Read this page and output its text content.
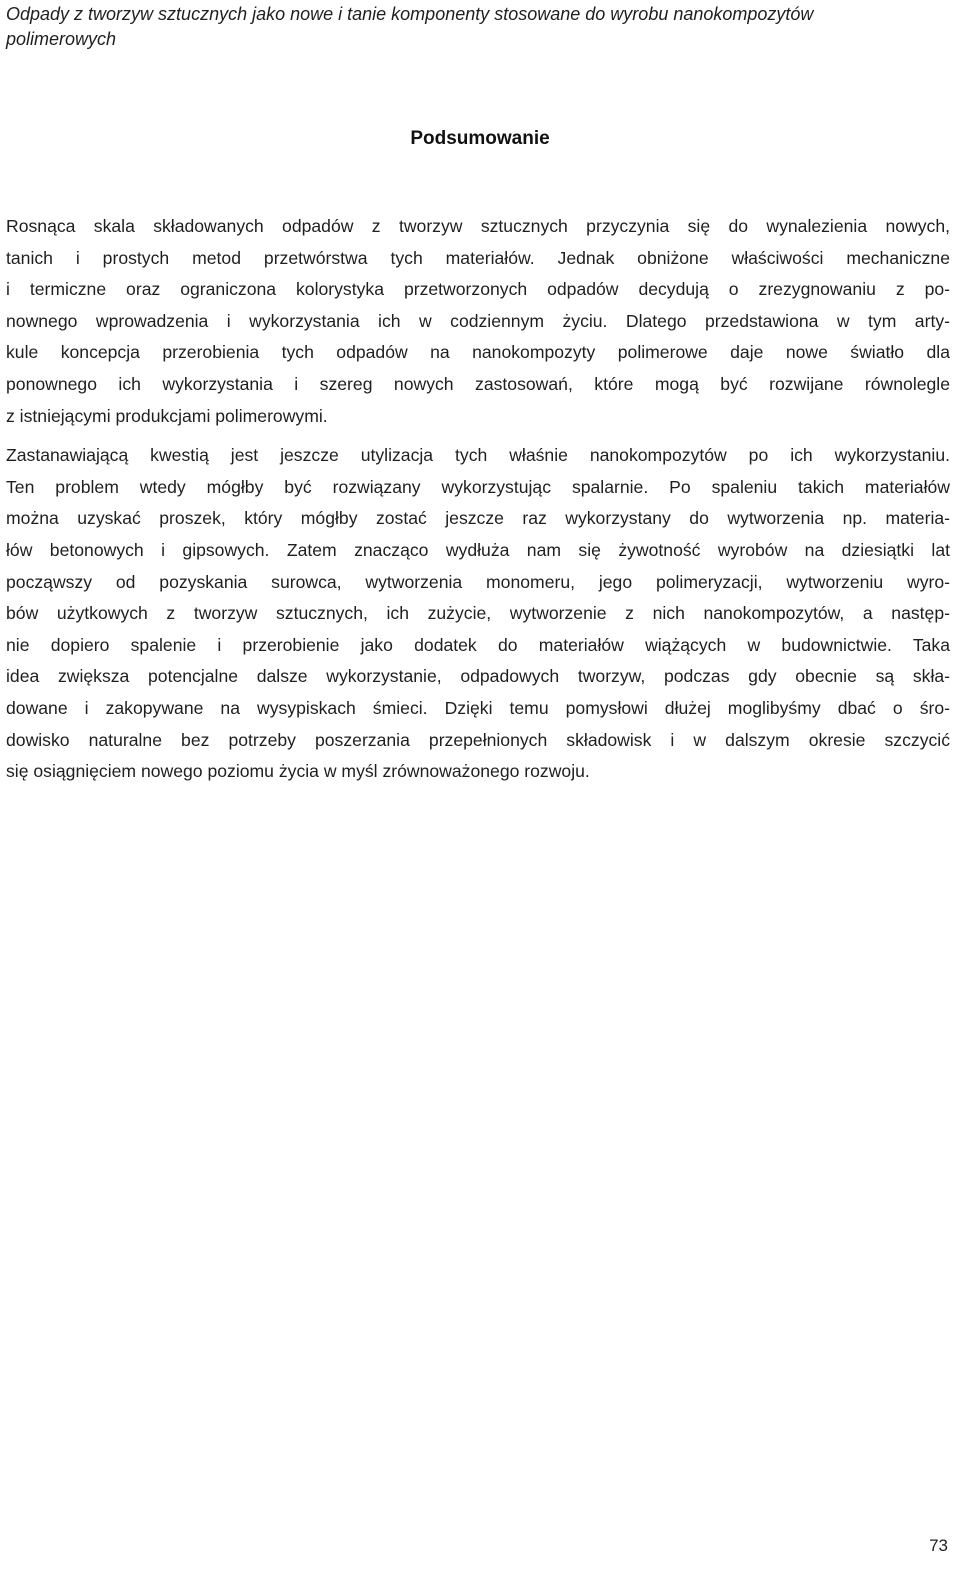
Odpady z tworzyw sztucznych jako nowe i tanie komponenty stosowane do wyrobu nanokompozytów polimerowych
Podsumowanie

Rosnąca skala składowanych odpadów z tworzyw sztucznych przyczynia się do wynalezienia nowych,
tanich i prostych metod przetwórstwa tych materiałów. Jednak obniżone właściwości mechaniczne
i termiczne oraz ograniczona kolorystyka przetworzonych odpadów decydują o zrezygnowaniu z po-
nownego wprowadzenia i wykorzystania ich w codziennym życiu. Dlatego przedstawiona w tym arty-
kule koncepcja przerobienia tych odpadów na nanokompozyty polimerowe daje nowe światło dla
ponownego ich wykorzystania i szereg nowych zastosowań, które mogą być rozwijane równolegle
z istniejącymi produkcjami polimerowymi.

Zastanawiającą kwestią jest jeszcze utylizacja tych właśnie nanokompozytów po ich wykorzystaniu.
Ten problem wtedy mógłby być rozwiązany wykorzystując spalarnie. Po spaleniu takich materiałów
można uzyskać proszek, który mógłby zostać jeszcze raz wykorzystany do wytworzenia np. materia-
łów betonowych i gipsowych. Zatem znacząco wydłuża nam się żywotność wyrobów na dziesiątki lat
począwszy od pozyskania surowca, wytworzenia monomeru, jego polimeryzacji, wytworzeniu wyro-
bów użytkowych z tworzyw sztucznych, ich zużycie, wytworzenie z nich nanokompozytów, a następ-
nie dopiero spalenie i przerobienie jako dodatek do materiałów wiążących w budownictwie. Taka
idea zwiększa potencjalne dalsze wykorzystanie, odpadowych tworzyw, podczas gdy obecnie są skła-
dowane i zakopywane na wysypiskach śmieci. Dzięki temu pomysłowi dłużej moglibyśmy dbać o śro-
dowisko naturalne bez potrzeby poszerzania przepełnionych składowisk i w dalszym okresie szczycić
się osiągnięciem nowego poziomu życia w myśl zrównoważonego rozwoju.

73
